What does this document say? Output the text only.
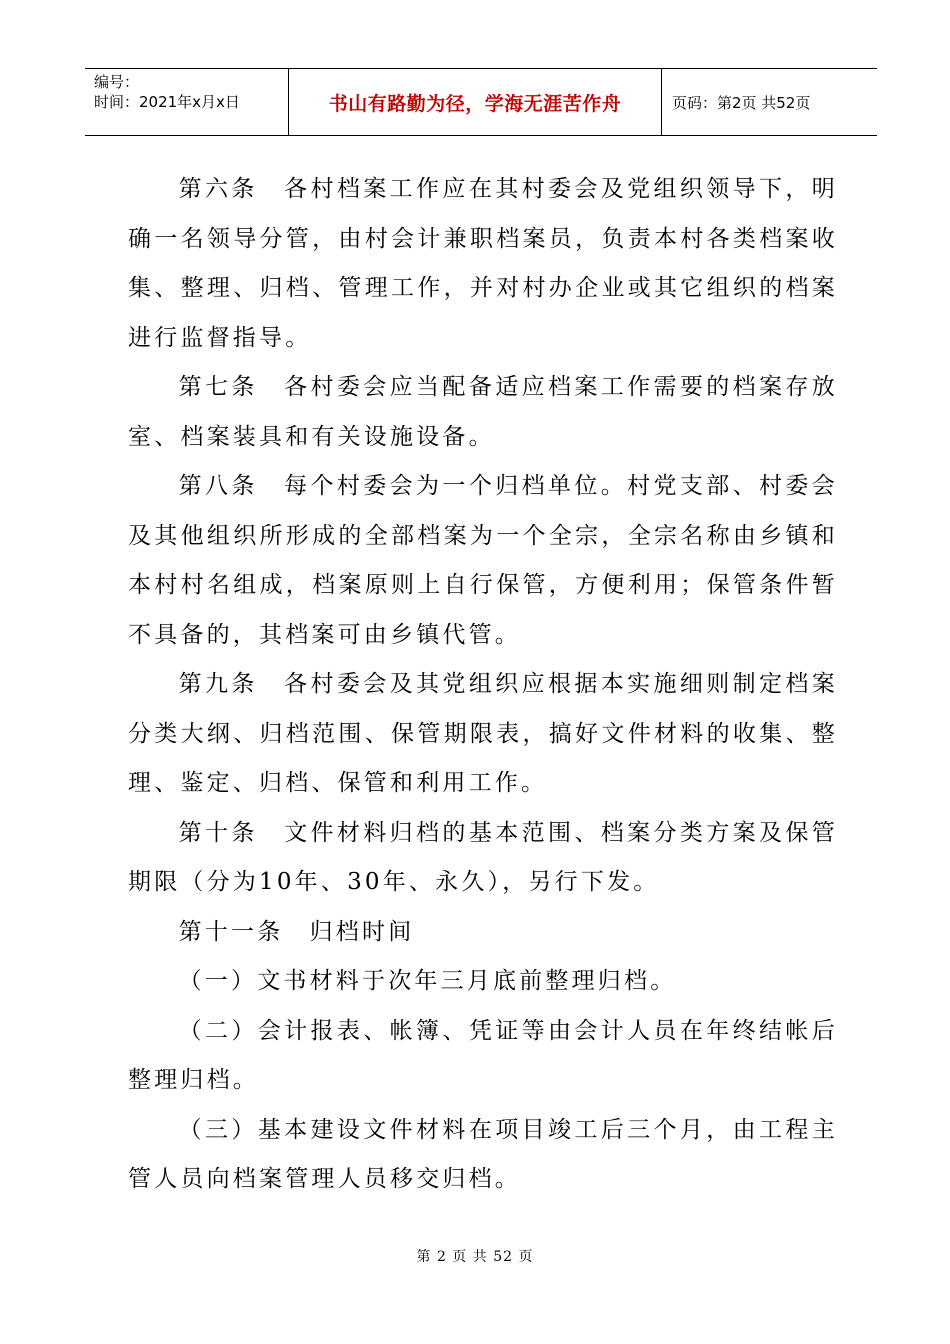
编号：
时间：2021年x月x日	书山有路勤为径，学海无涯苦作舟	页码：第2页 共52页

第六条　各村档案工作应在其村委会及党组织领导下，明确一名领导分管，由村会计兼职档案员，负责本村各类档案收集、整理、归档、管理工作，并对村办企业或其它组织的档案进行监督指导。

第七条　各村委会应当配备适应档案工作需要的档案存放室、档案装具和有关设施设备。

第八条　每个村委会为一个归档单位。村党支部、村委会及其他组织所形成的全部档案为一个全宗，全宗名称由乡镇和本村村名组成，档案原则上自行保管，方便利用；保管条件暂不具备的，其档案可由乡镇代管。

第九条　各村委会及其党组织应根据本实施细则制定档案分类大纲、归档范围、保管期限表，搞好文件材料的收集、整理、鉴定、归档、保管和利用工作。

第十条　文件材料归档的基本范围、档案分类方案及保管期限（分为10年、30年、永久），另行下发。

第十一条　归档时间

（一）文书材料于次年三月底前整理归档。

（二）会计报表、帐簿、凭证等由会计人员在年终结帐后整理归档。

（三）基本建设文件材料在项目竣工后三个月，由工程主管人员向档案管理人员移交归档。

第 2 页 共 52 页
